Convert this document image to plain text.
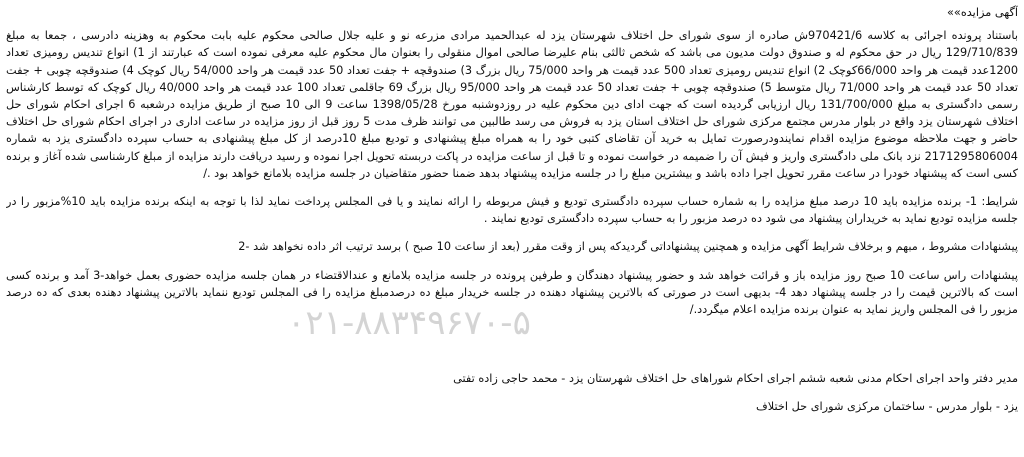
۰۲۱-۸۸۳۴۹۶۷۰-۵

آگهی مزایده»»

باستناد پرونده اجرائی به کلاسه 970421/6ش صادره از سوی شورای حل اختلاف شهرستان یزد له عبدالحمید مرادی مزرعه نو و علیه جلال صالحی محکوم علیه بابت محکوم به وهزینه دادرسی ، جمعا به مبلغ 129/710/839 ریال در حق محکوم له و صندوق دولت مدیون می باشد که شخص ثالثی بنام علیرضا صالحی اموال منقولی را بعنوان مال محکوم علیه معرفی نموده است که عبارتند از 1) انواع تندیس رومیزی تعداد 1200عدد قیمت هر واحد 66/000کوچک 2) انواع تندیس رومیزی تعداد 500 عدد قیمت هر واحد 75/000 ریال بزرگ 3) صندوقچه + جفت تعداد 50 عدد قیمت هر واحد 54/000 ریال کوچک 4) صندوقچه چوبی + جفت تعداد 50 عدد قیمت هر واحد 71/000 ریال متوسط 5) صندوقچه چوبی + جفت تعداد 50 عدد قیمت هر واحد 95/000 ریال بزرگ 69 جاقلمی تعداد 100 عدد قیمت هر واحد 40/000 ریال کوچک که توسط کارشناس رسمی دادگستری به مبلغ 131/700/000 ریال ارزیابی گردیده است که جهت ادای دین محکوم علیه در روزدوشنبه مورخ 1398/05/28 ساعت 9 الی 10 صبح از طریق مزایده درشعبه 6 اجرای احکام شورای حل اختلاف شهرستان یزد واقع در بلوار مدرس مجتمع مرکزی شورای حل اختلاف استان یزد به فروش می رسد طالبین می توانند ظرف مدت 5 روز قبل از روز مزایده در ساعت اداری در اجرای احکام شورای حل اختلاف حاضر و جهت ملاحظه موضوع مزایده اقدام نمایندودرصورت تمایل به خرید آن تقاضای کتبی خود را به همراه مبلغ پیشنهادی و تودیع مبلغ 10درصد از کل مبلغ پیشنهادی به حساب سپرده دادگستری یزد به شماره 2171295806004 نزد بانک ملی دادگستری واریز و فیش آن را ضمیمه در خواست نموده و تا قبل از ساعت مزایده در پاکت دربسته تحویل اجرا نموده و رسید دریافت دارند مزایده از مبلغ کارشناسی شده آغاز و برنده کسی است که پیشنهاد خودرا در ساعت مقرر تحویل اجرا داده باشد و بیشترین مبلغ را در جلسه مزایده پیشنهاد بدهد ضمنا حضور متقاضیان در جلسه مزایده بلامانع خواهد بود ./

شرایط: 1- برنده مزایده باید 10 درصد مبلغ مزایده را به شماره حساب سپرده دادگستری تودیع و فیش مربوطه را ارائه نمایند و یا فی المجلس پرداخت نماید لذا با توجه به اینکه برنده مزایده باید 10%مزبور را در جلسه مزایده تودیع نماید به خریداران پیشنهاد می شود ده درصد مزبور را به حساب سپرده دادگستری تودیع نمایند .

پیشنهادات مشروط ، مبهم و برخلاف شرایط آگهی مزایده و همچنین پیشنهاداتی گردیدکه پس از وقت مقرر (بعد از ساعت 10 صبح ) برسد ترتیب اثر داده نخواهد شد -2

پیشنهادات راس ساعت 10 صبح روز مزایده باز و قرائت خواهد شد و حضور پیشنهاد دهندگان و طرفین پرونده در جلسه مزایده بلامانع و عندالاقتضاء در همان جلسه مزایده حضوری بعمل خواهد-3 آمد و برنده کسی است که بالاترین قیمت را در جلسه پیشنهاد دهد 4- بدیهی است در صورتی که بالاترین پیشنهاد دهنده در جلسه خریدار مبلغ ده درصدمبلغ مزایده را فی المجلس تودیع ننماید بالاترین پیشنهاد دهنده بعدی که ده درصد مزبور را فی المجلس واریز نماید به عنوان برنده مزایده اعلام میگردد./

مدیر دفتر واحد اجرای احکام مدنی شعبه ششم اجرای احکام شوراهای حل اختلاف شهرستان یزد - محمد حاجی زاده تفتی

یزد - بلوار مدرس - ساختمان مرکزی شورای حل اختلاف
